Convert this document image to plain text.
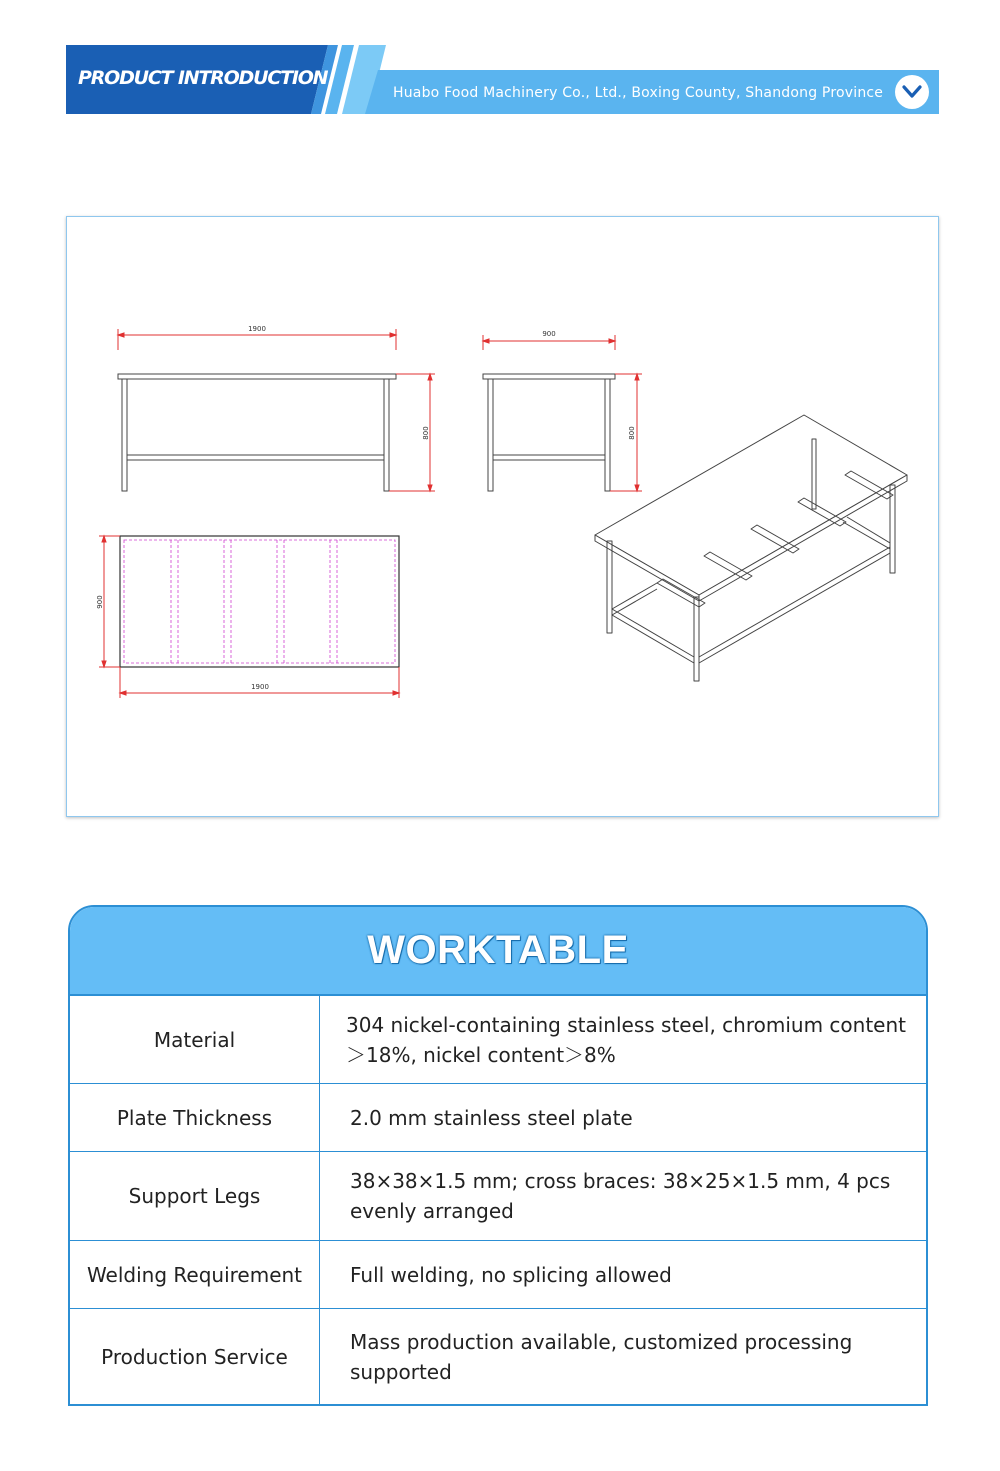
PRODUCT INTRODUCTION
Huabo Food Machinery Co., Ltd., Boxing County, Shandong Province
1900
800
900
800
900
1900
WORKTABLE
Material
304 nickel-containing stainless steel, chromium content ＞18%, nickel content＞8%
Plate Thickness	2.0 mm stainless steel plate
Support Legs
38×38×1.5 mm; cross braces: 38×25×1.5 mm, 4 pcs evenly arranged
Welding Requirement	Full welding, no splicing allowed
Production Service
Mass production available, customized processing supported
